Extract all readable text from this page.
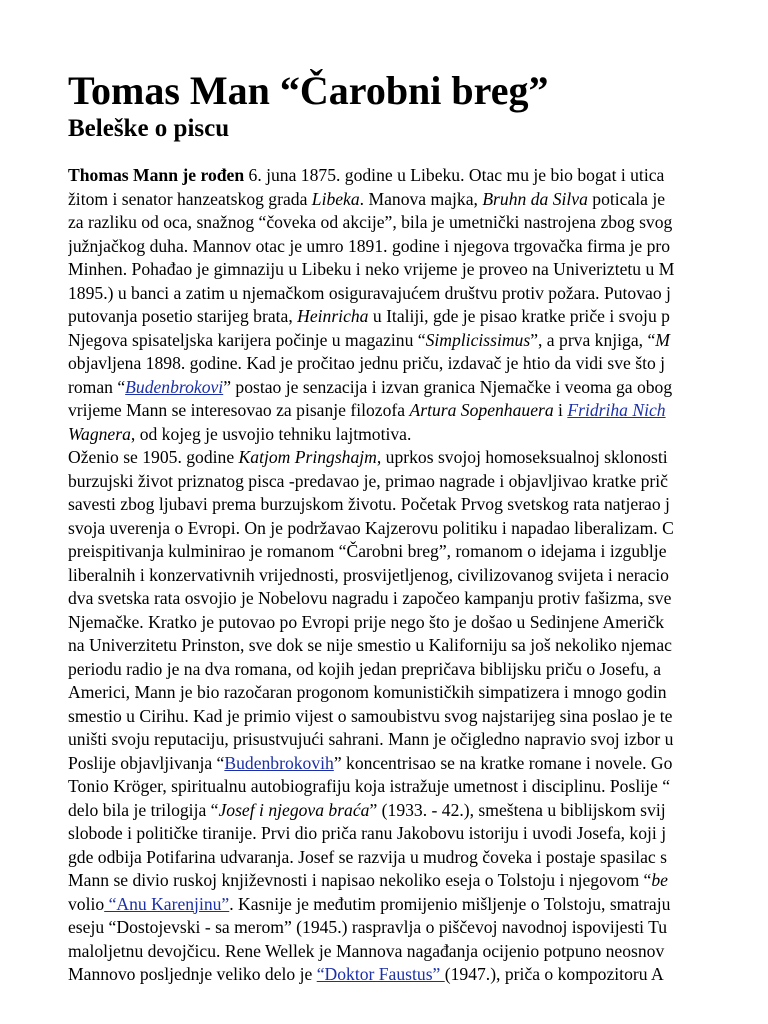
Tomas Man “Čarobni breg”
Beleške o piscu
Thomas Mann je rođen 6. juna 1875. godine u Libeku. Otac mu je bio bogat i utica
žitom i senator hanzeatskog grada Libeka. Manova majka, Bruhn da Silva poticala je
za razliku od oca, snažnog “čoveka od akcije”, bila je umetnički nastrojena zbog svog
južnjačkog duha. Mannov otac je umro 1891. godine i njegova trgovačka firma je pro
Minhen. Pohađao je gimnaziju u Libeku i neko vrijeme je proveo na Univeriztetu u M
1895.) u banci a zatim u njemačkom osiguravajućem društvu protiv požara. Putovao j
putovanja posetio starijeg brata, Heinricha u Italiji, gde je pisao kratke priče i svoju p
Njegova spisateljska karijera počinje u magazinu “Simplicissimus”, a prva knjiga, “M
objavljena 1898. godine. Kad je pročitao jednu priču, izdavač je htio da vidi sve što j
roman “Budenbrokovi” postao je senzacija i izvan granica Njemačke i veoma ga obog
vrijeme Mann se interesovao za pisanje filozofa Artura Sopenhauera i Fridriha Nich
Wagnera, od kojeg je usvojio tehniku lajtmotiva.
Oženio se 1905. godine Katjom Pringshajm, uprkos svojoj homoseksualnoj sklonosti
burzujski život priznatog pisca -predavao je, primao nagrade i objavljivao kratke prič
savesti zbog ljubavi prema burzujskom životu. Početak Prvog svetskog rata natjerao j
svoja uverenja o Evropi. On je podržavao Kajzerovu politiku i napadao liberalizam. C
preispitivanja kulminirao je romanom “Čarobni breg”, romanom o idejama i izgublje
liberalnih i konzervativnih vrijednosti, prosvijetljenog, civilizovanog svijeta i neracio
dva svetska rata osvojio je Nobelovu nagradu i započeo kampanju protiv fašizma, sve
Njemačke. Kratko je putovao po Evropi prije nego što je došao u Sedinjene Američk
na Univerzitetu Prinston, sve dok se nije smestio u Kaliforniju sa još nekoliko njemac
periodu radio je na dva romana, od kojih jedan prepričava biblijsku priču o Josefu, a
Americi, Mann je bio razočaran progonom komunističkih simpatizera i mnogo godin
smestio u Cirihu. Kad je primio vijest o samoubistvu svog najstarijeg sina poslao je te
uništi svoju reputaciju, prisustvujući sahrani. Mann je očigledno napravio svoj izbor u
Poslije objavljivanja “Budenbrokovih” koncentrisao se na kratke romane i novele. Go
Tonio Kröger, spiritualnu autobiografiju koja istražuje umetnost i disciplinu. Poslije “
delo bila je trilogija “Josef i njegova braća” (1933. - 42.), smeštena u biblijskom svij
slobode i političke tiranije. Prvi dio priča ranu Jakobovu istoriju i uvodi Josefa, koji j
gde odbija Potifarina udvaranja. Josef se razvija u mudrog čoveka i postaje spasilac s
Mann se divio ruskoj književnosti i napisao nekoliko eseja o Tolstoju i njegovom “be
volio “Anu Karenjinu”. Kasnije je međutim promijenio mišljenje o Tolstoju, smatraju
eseju “Dostojevski - sa merom” (1945.) raspravlja o piščevoj navodnoj ispovijesti Tu
maloljetnu devojčicu. Rene Wellek je Mannova nagađanja ocijenio potpuno neosnov
Mannovo posljednje veliko delo je “Doktor Faustus” (1947.), priča o kompozitoru A
